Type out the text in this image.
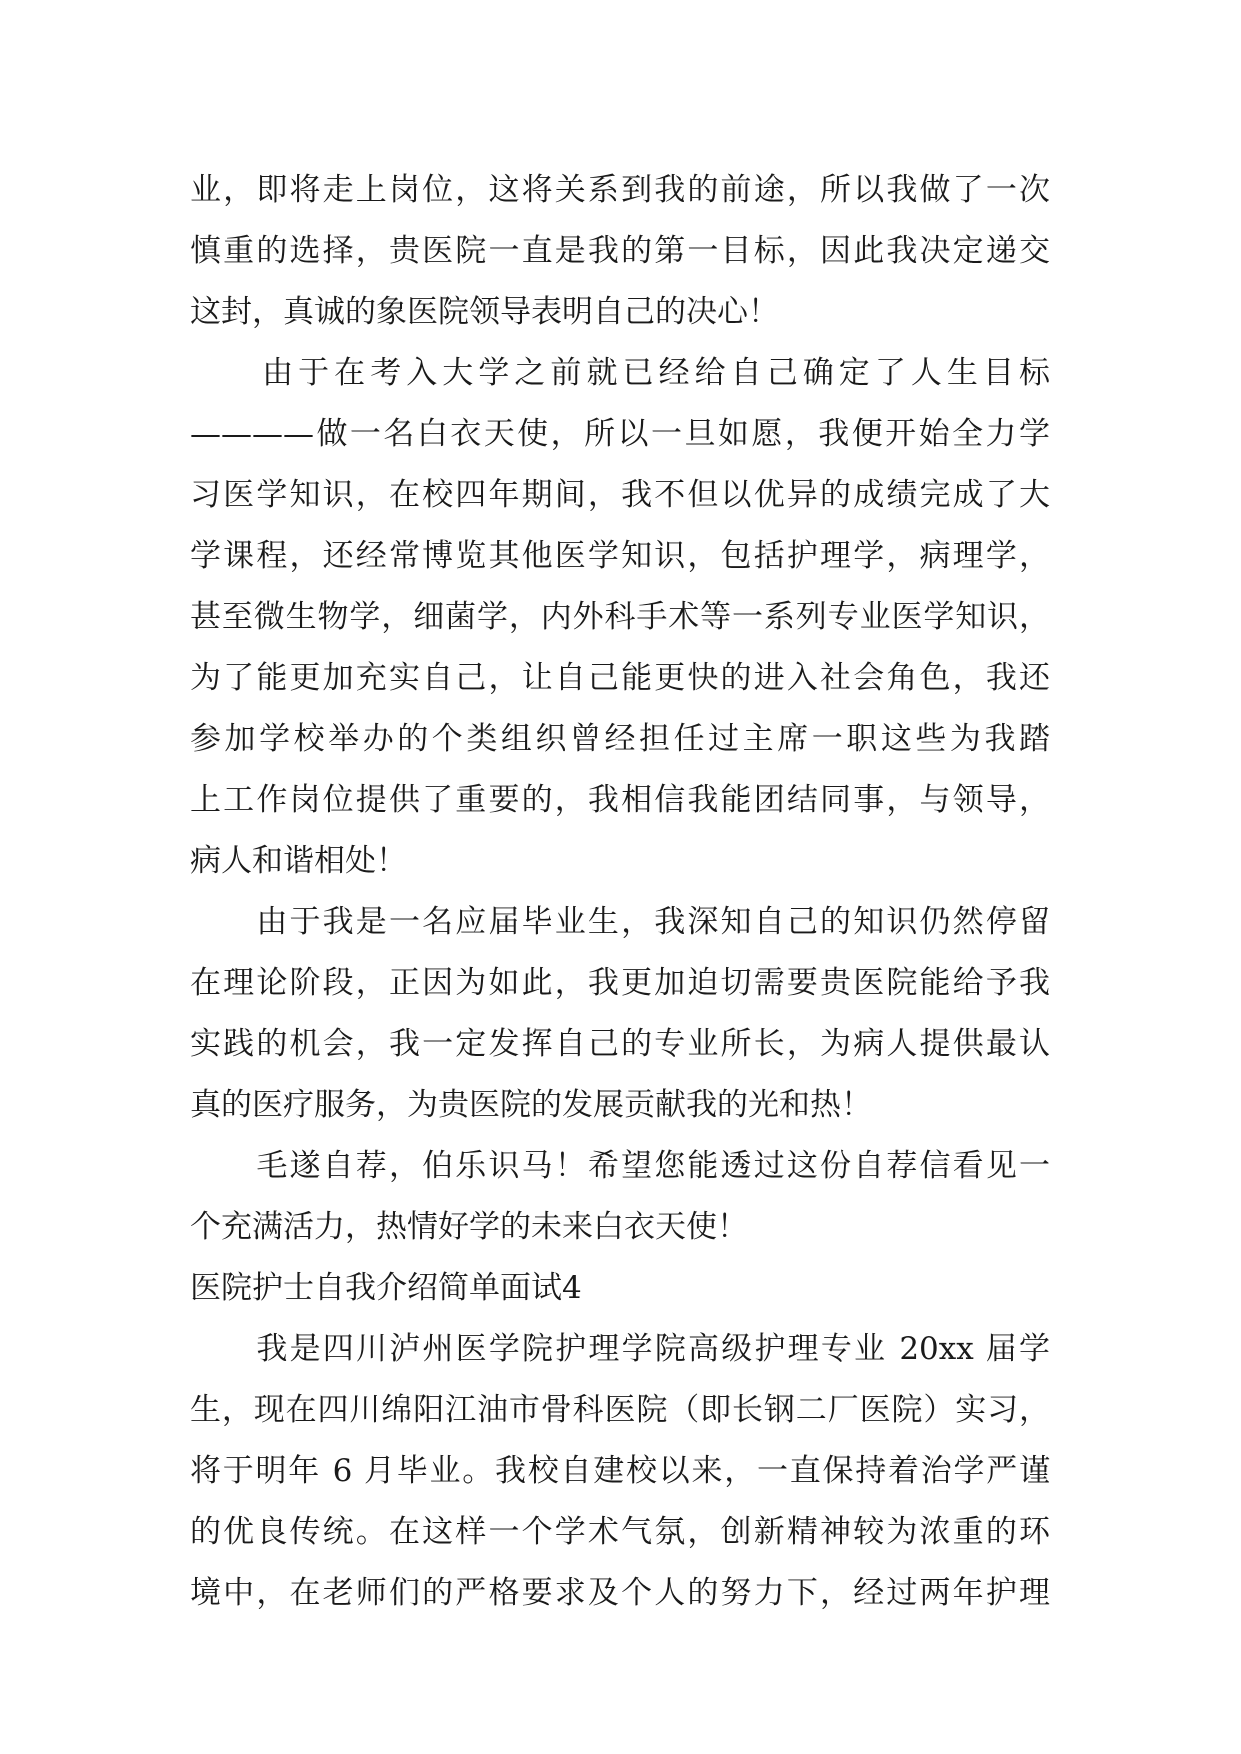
业，即将走上岗位，这将关系到我的前途，所以我做了一次
慎重的选择，贵医院一直是我的第一目标，因此我决定递交
这封，真诚的象医院领导表明自己的决心！
　　由于在考入大学之前就已经给自己确定了人生目标
————做一名白衣天使，所以一旦如愿，我便开始全力学
习医学知识，在校四年期间，我不但以优异的成绩完成了大
学课程，还经常博览其他医学知识，包括护理学，病理学，
甚至微生物学，细菌学，内外科手术等一系列专业医学知识，
为了能更加充实自己，让自己能更快的进入社会角色，我还
参加学校举办的个类组织曾经担任过主席一职这些为我踏
上工作岗位提供了重要的，我相信我能团结同事，与领导，
病人和谐相处！
　　由于我是一名应届毕业生，我深知自己的知识仍然停留
在理论阶段，正因为如此，我更加迫切需要贵医院能给予我
实践的机会，我一定发挥自己的专业所长，为病人提供最认
真的医疗服务，为贵医院的发展贡献我的光和热！
　　毛遂自荐，伯乐识马！希望您能透过这份自荐信看见一
个充满活力，热情好学的未来白衣天使！
医院护士自我介绍简单面试4
　　我是四川泸州医学院护理学院高级护理专业 20xx 届学
生，现在四川绵阳江油市骨科医院（即长钢二厂医院）实习，
将于明年 6 月毕业。我校自建校以来，一直保持着治学严谨
的优良传统。在这样一个学术气氛，创新精神较为浓重的环
境中，在老师们的严格要求及个人的努力下，经过两年护理
